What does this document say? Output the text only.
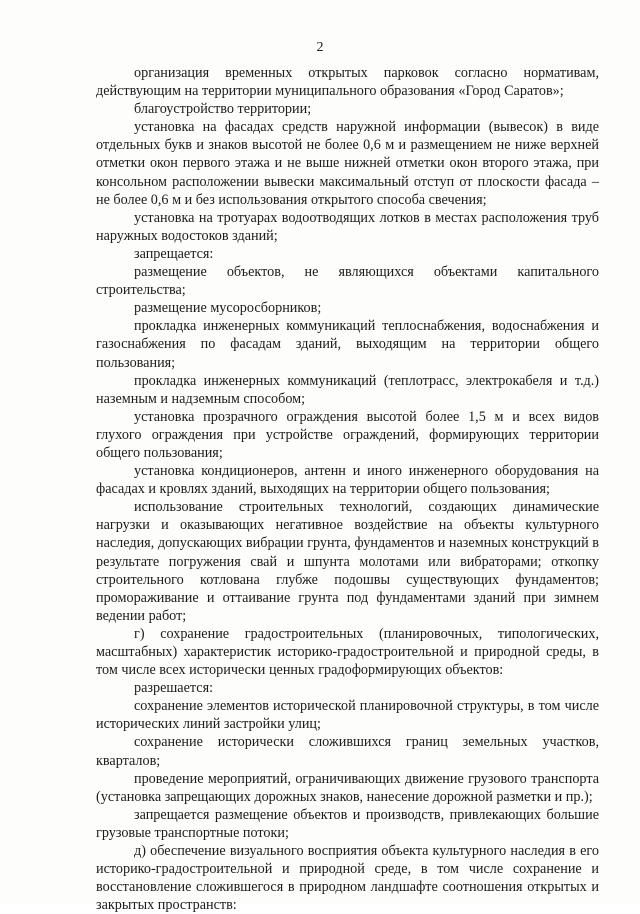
2

организация временных открытых парковок согласно нормативам, действующим на территории муниципального образования «Город Саратов»;

благоустройство территории;

установка на фасадах средств наружной информации (вывесок) в виде отдельных букв и знаков высотой не более 0,6 м и размещением не ниже верхней отметки окон первого этажа и не выше нижней отметки окон второго этажа, при консольном расположении вывески максимальный отступ от плоскости фасада – не более 0,6 м и без использования открытого способа свечения;

установка на тротуарах водоотводящих лотков в местах расположения труб наружных водостоков зданий;

запрещается:

размещение объектов, не являющихся объектами капитального строительства;

размещение мусоросборников;

прокладка инженерных коммуникаций теплоснабжения, водоснабжения и газоснабжения по фасадам зданий, выходящим на территории общего пользования;

прокладка инженерных коммуникаций (теплотрасс, электрокабеля и т.д.) наземным и надземным способом;

установка прозрачного ограждения высотой более 1,5 м и всех видов глухого ограждения при устройстве ограждений, формирующих территории общего пользования;

установка кондиционеров, антенн и иного инженерного оборудования на фасадах и кровлях зданий, выходящих на территории общего пользования;

использование строительных технологий, создающих динамические нагрузки и оказывающих негативное воздействие на объекты культурного наследия, допускающих вибрации грунта, фундаментов и наземных конструкций в результате погружения свай и шпунта молотами или вибраторами; откопку строительного котлована глубже подошвы существующих фундаментов; промораживание и оттаивание грунта под фундаментами зданий при зимнем ведении работ;

г) сохранение градостроительных (планировочных, типологических, масштабных) характеристик историко-градостроительной и природной среды, в том числе всех исторически ценных градоформирующих объектов:

разрешается:

сохранение элементов исторической планировочной структуры, в том числе исторических линий застройки улиц;

сохранение исторически сложившихся границ земельных участков, кварталов;

проведение мероприятий, ограничивающих движение грузового транспорта (установка запрещающих дорожных знаков, нанесение дорожной разметки и пр.);

запрещается размещение объектов и производств, привлекающих большие грузовые транспортные потоки;

д) обеспечение визуального восприятия объекта культурного наследия в его историко-градостроительной и природной среде, в том числе сохранение и восстановление сложившегося в природном ландшафте соотношения открытых и закрытых пространств:
